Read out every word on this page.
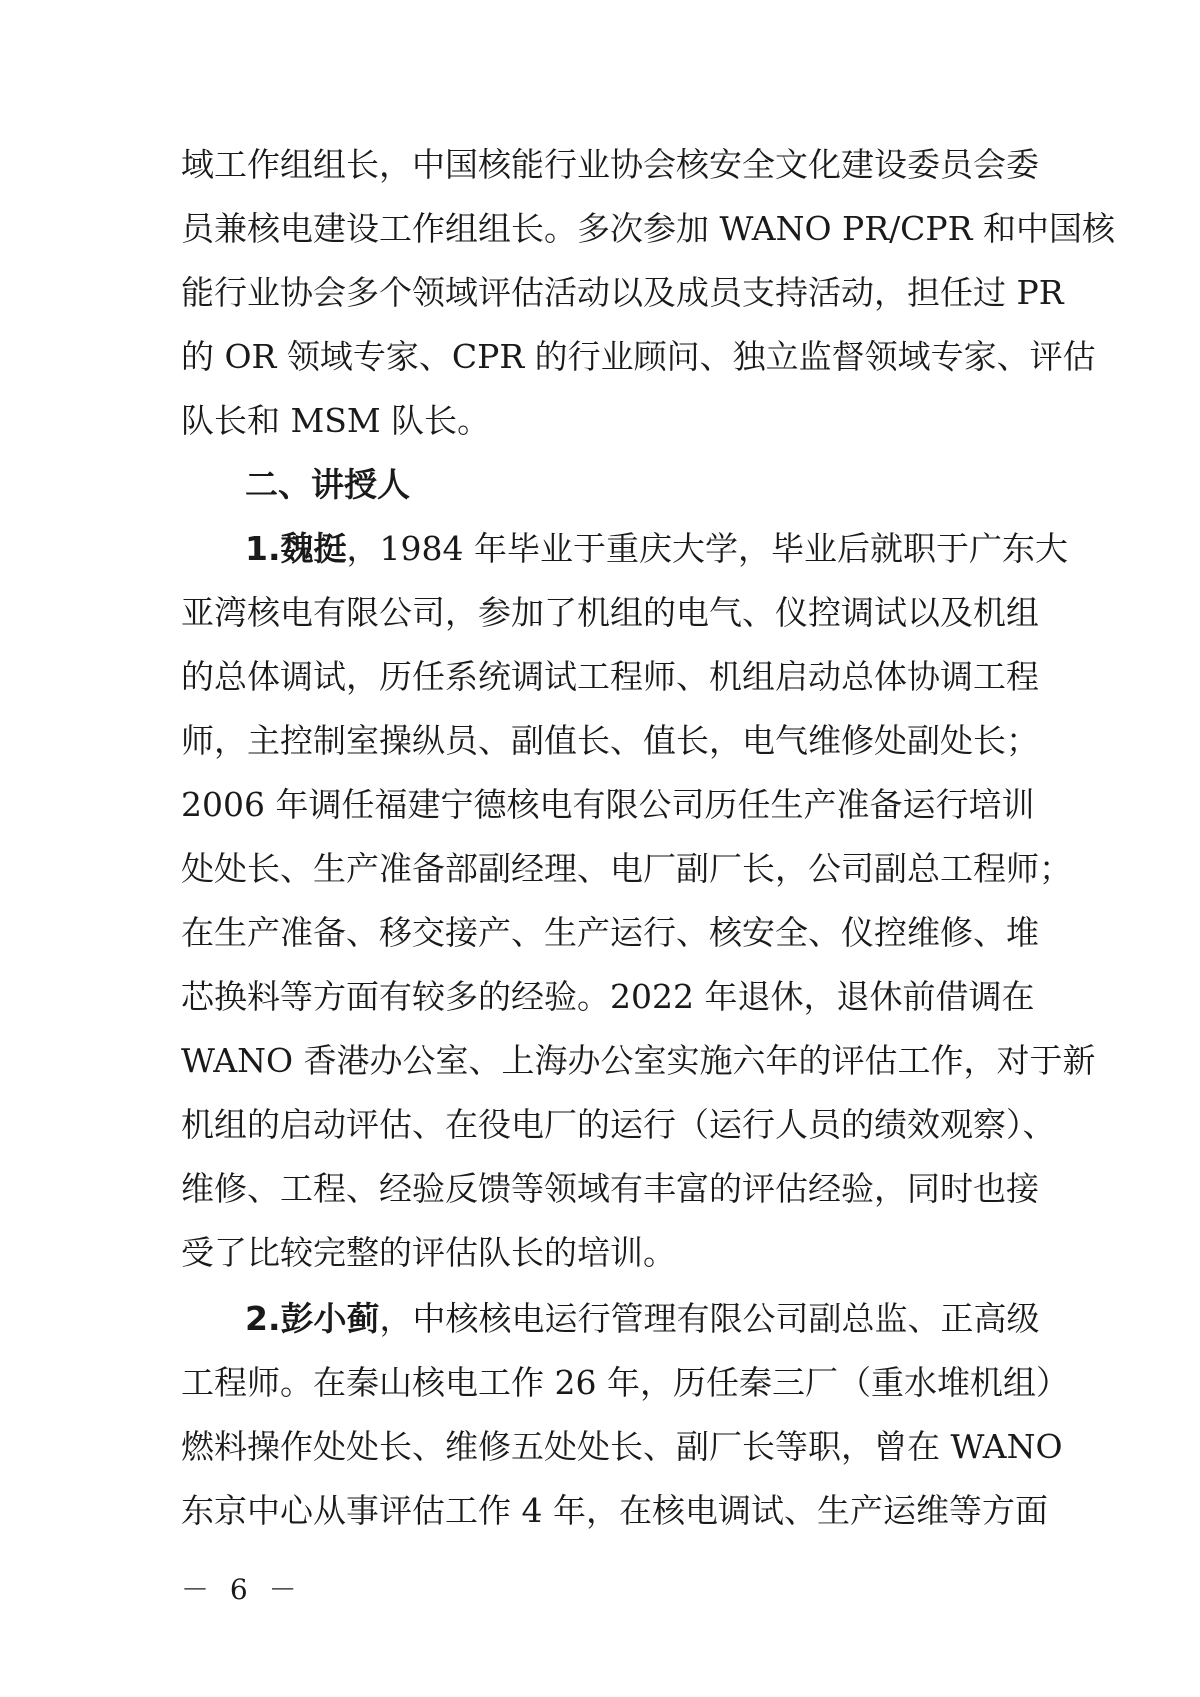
域工作组组长，中国核能行业协会核安全文化建设委员会委
员兼核电建设工作组组长。多次参加 WANO PR/CPR 和中国核
能行业协会多个领域评估活动以及成员支持活动，担任过 PR
的 OR 领域专家、CPR 的行业顾问、独立监督领域专家、评估
队长和 MSM 队长。
二、讲授人
1.魏挺，1984 年毕业于重庆大学，毕业后就职于广东大
亚湾核电有限公司，参加了机组的电气、仪控调试以及机组
的总体调试，历任系统调试工程师、机组启动总体协调工程
师，主控制室操纵员、副值长、值长，电气维修处副处长；
2006 年调任福建宁德核电有限公司历任生产准备运行培训
处处长、生产准备部副经理、电厂副厂长，公司副总工程师；
在生产准备、移交接产、生产运行、核安全、仪控维修、堆
芯换料等方面有较多的经验。2022 年退休，退休前借调在
WANO 香港办公室、上海办公室实施六年的评估工作，对于新
机组的启动评估、在役电厂的运行（运行人员的绩效观察）、
维修、工程、经验反馈等领域有丰富的评估经验，同时也接
受了比较完整的评估队长的培训。
2.彭小蓟，中核核电运行管理有限公司副总监、正高级
工程师。在秦山核电工作 26 年，历任秦三厂（重水堆机组）
燃料操作处处长、维修五处处长、副厂长等职，曾在 WANO
东京中心从事评估工作 4 年，在核电调试、生产运维等方面
－ 6 －
